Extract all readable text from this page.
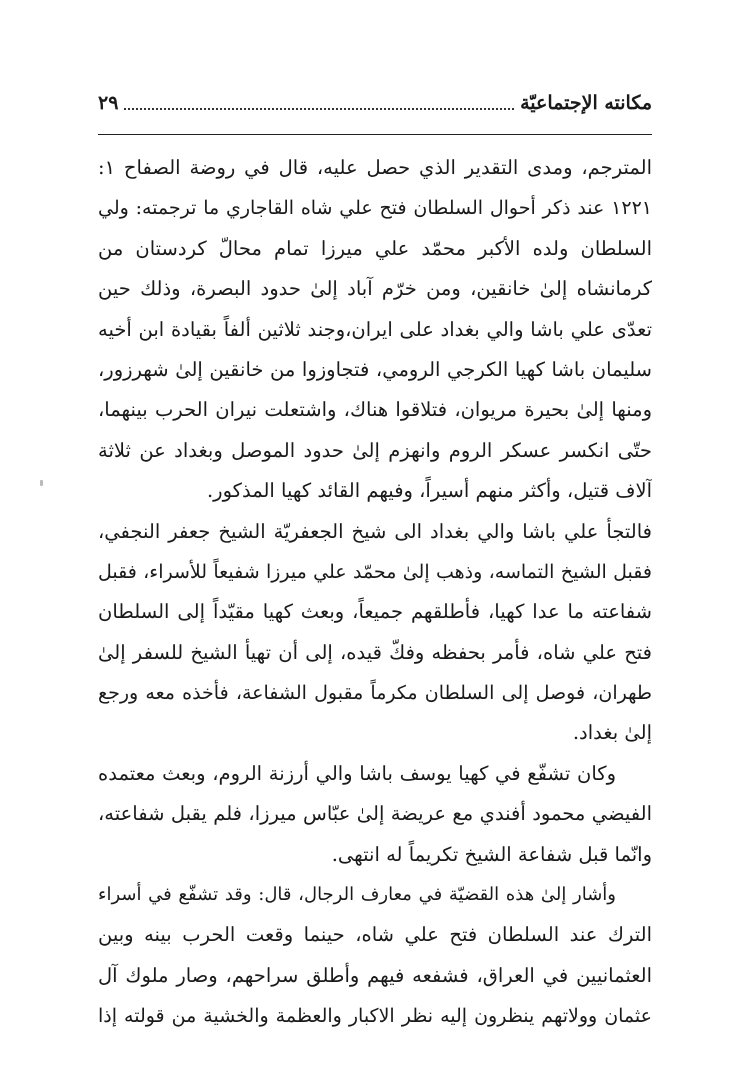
مكانته الإجتماعيّة
٢٩
المترجم، ومدى التقدير الذي حصل عليه، قال في روضة الصفاح ١:
١٢٢١ عند ذكر أحوال السلطان فتح علي شاه القاجاري ما ترجمته: ولي
السلطان ولده الأكبر محمّد علي ميرزا تمام محالّ كردستان من
كرمانشاه إلىٰ خانقين، ومن خرّم آباد إلىٰ حدود البصرة، وذلك حين
تعدّى علي باشا والي بغداد على ايران،وجند ثلاثين ألفاً بقيادة ابن أخيه
سليمان باشا كهيا الكرجي الرومي، فتجاوزوا من خانقين إلىٰ شهرزور،
ومنها إلىٰ بحيرة مريوان، فتلاقوا هناك، واشتعلت نيران الحرب بينهما،
حتّى انكسر عسكر الروم وانهزم إلىٰ حدود الموصل وبغداد عن ثلاثة
آلاف قتيل، وأكثر منهم أسيراً، وفيهم القائد كهيا المذكور.
فالتجأ علي باشا والي بغداد الى شيخ الجعفريّة الشيخ جعفر النجفي،
فقبل الشيخ التماسه، وذهب إلىٰ محمّد علي ميرزا شفيعاً للأسراء، فقبل
شفاعته ما عدا كهيا، فأطلقهم جميعاً، وبعث كهيا مقيّداً إلى السلطان
فتح علي شاه، فأمر بحفظه وفكّ قيده، إلى أن تهيأ الشيخ للسفر إلىٰ
طهران، فوصل إلى السلطان مكرماً مقبول الشفاعة، فأخذه معه ورجع
إلىٰ بغداد.
وكان تشفّع في كهيا يوسف باشا والي أرزنة الروم، وبعث معتمده
الفيضي محمود أفندي مع عريضة إلىٰ عبّاس ميرزا، فلم يقبل شفاعته،
وانّما قبل شفاعة الشيخ تكريماً له انتهى.
وأشار إلىٰ هذه القضيّة في معارف الرجال، قال: وقد تشفّع في أسراء
الترك عند السلطان فتح علي شاه، حينما وقعت الحرب بينه وبين
العثمانيين في العراق، فشفعه فيهم وأطلق سراحهم، وصار ملوك آل
عثمان وولاتهم ينظرون إليه نظر الاكبار والعظمة والخشية من قولته إذا
